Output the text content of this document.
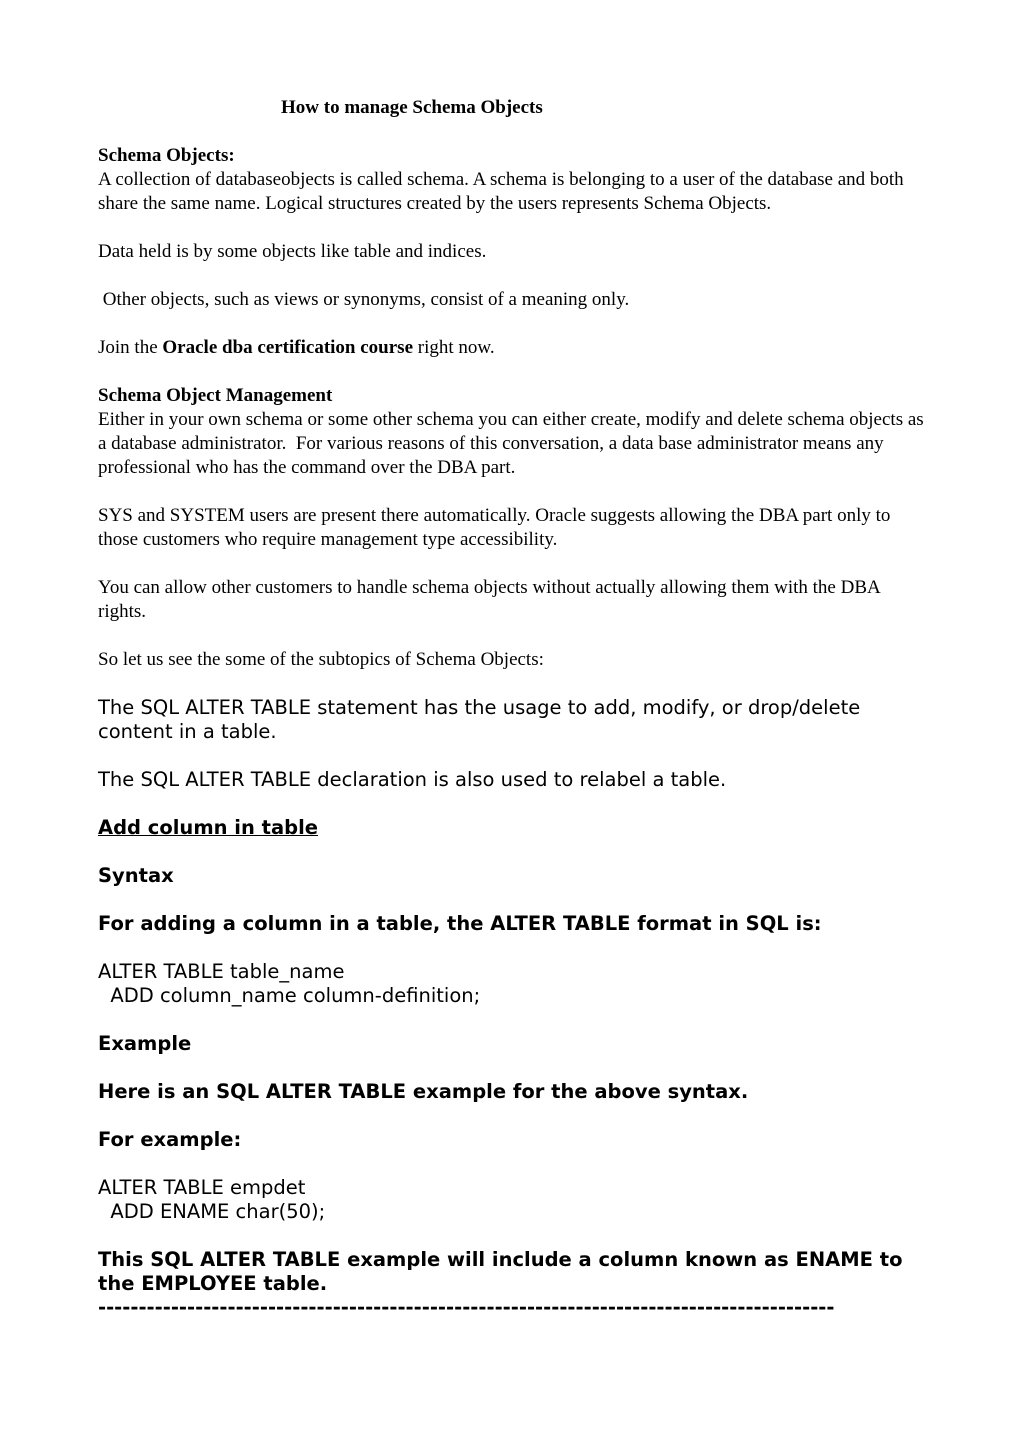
How to manage Schema Objects

Schema Objects:

A collection of databaseobjects is called schema. A schema is belonging to a user of the database and both share the same name. Logical structures created by the users represents Schema Objects.

Data held is by some objects like table and indices.

Other objects, such as views or synonyms, consist of a meaning only.

Join the Oracle dba certification course right now.

Schema Object Management

Either in your own schema or some other schema you can either create, modify and delete schema objects as a database administrator.  For various reasons of this conversation, a data base administrator means any professional who has the command over the DBA part.

SYS and SYSTEM users are present there automatically. Oracle suggests allowing the DBA part only to those customers who require management type accessibility.

You can allow other customers to handle schema objects without actually allowing them with the DBA rights.

So let us see the some of the subtopics of Schema Objects:

The SQL ALTER TABLE statement has the usage to add, modify, or drop/delete content in a table.

The SQL ALTER TABLE declaration is also used to relabel a table.

Add column in table

Syntax

For adding a column in a table, the ALTER TABLE format in SQL is:

ALTER TABLE table_name
ADD column_name column-definition;

Example

Here is an SQL ALTER TABLE example for the above syntax.

For example:

ALTER TABLE empdet
ADD ENAME char(50);

This SQL ALTER TABLE example will include a column known as ENAME to the EMPLOYEE table.

-------------------------------------------------------------------------------------------
